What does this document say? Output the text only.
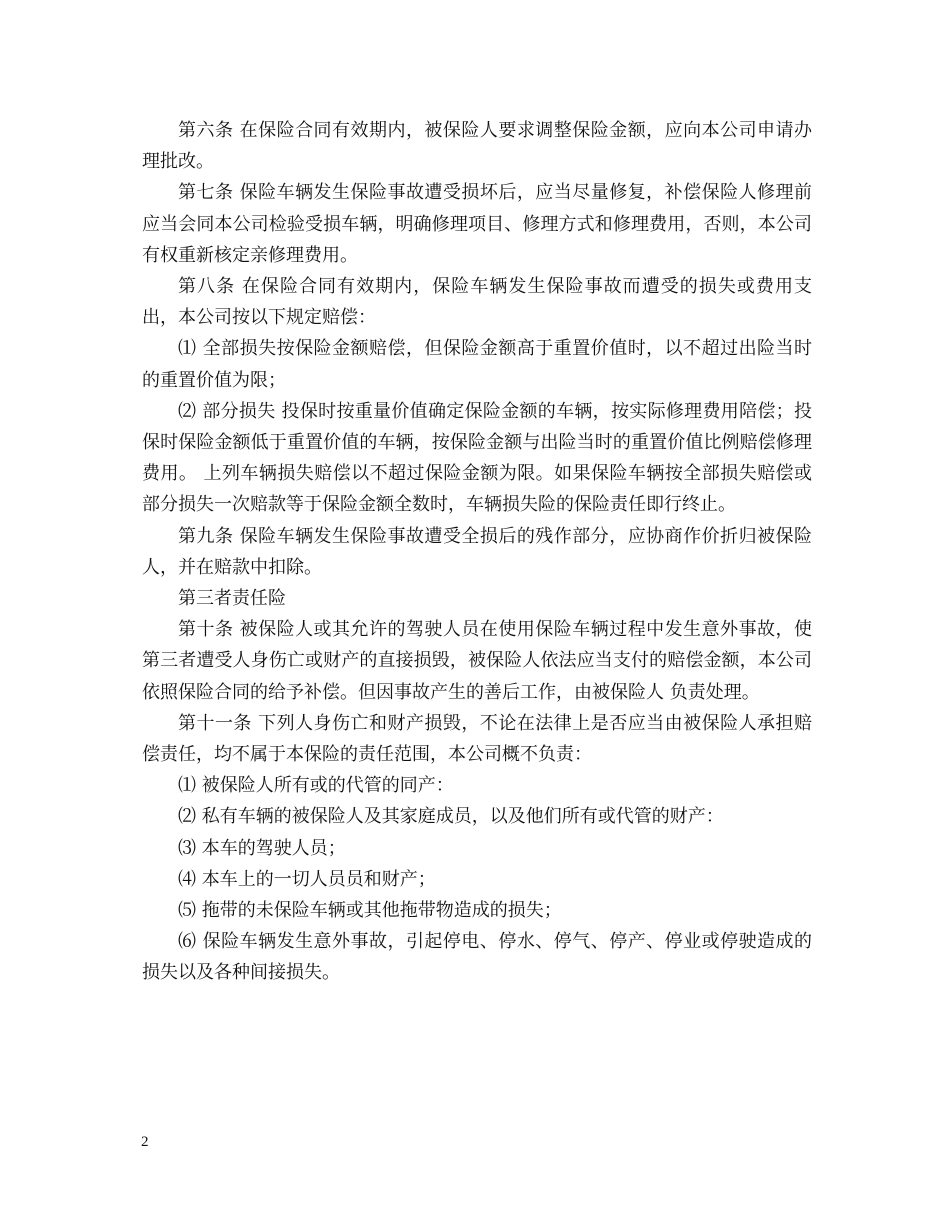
第六条 在保险合同有效期内，被保险人要求调整保险金额，应向本公司申请办理批改。

第七条 保险车辆发生保险事故遭受损坏后，应当尽量修复，补偿保险人修理前应当会同本公司检验受损车辆，明确修理项目、修理方式和修理费用，否则，本公司有权重新核定亲修理费用。

第八条 在保险合同有效期内，保险车辆发生保险事故而遭受的损失或费用支出，本公司按以下规定赔偿：

⑴ 全部损失按保险金额赔偿，但保险金额高于重置价值时，以不超过出险当时的重置价值为限；

⑵ 部分损失 投保时按重量价值确定保险金额的车辆，按实际修理费用陪偿；投保时保险金额低于重置价值的车辆，按保险金额与出险当时的重置价值比例赔偿修理费用。 上列车辆损失赔偿以不超过保险金额为限。如果保险车辆按全部损失赔偿或部分损失一次赔款等于保险金额全数时，车辆损失险的保险责任即行终止。

第九条 保险车辆发生保险事故遭受全损后的残作部分，应协商作价折归被保险人，并在赔款中扣除。

第三者责任险

第十条 被保险人或其允许的驾驶人员在使用保险车辆过程中发生意外事故，使第三者遭受人身伤亡或财产的直接损毁，被保险人依法应当支付的赔偿金额，本公司依照保险合同的给予补偿。但因事故产生的善后工作，由被保险人 负责处理。

第十一条 下列人身伤亡和财产损毁，不论在法律上是否应当由被保险人承担赔偿责任，均不属于本保险的责任范围，本公司概不负责：

⑴ 被保险人所有或的代管的同产：

⑵ 私有车辆的被保险人及其家庭成员，以及他们所有或代管的财产：

⑶ 本车的驾驶人员；

⑷ 本车上的一切人员员和财产；

⑸ 拖带的未保险车辆或其他拖带物造成的损失；

⑹ 保险车辆发生意外事故，引起停电、停水、停气、停产、停业或停驶造成的损失以及各种间接损失。

2
